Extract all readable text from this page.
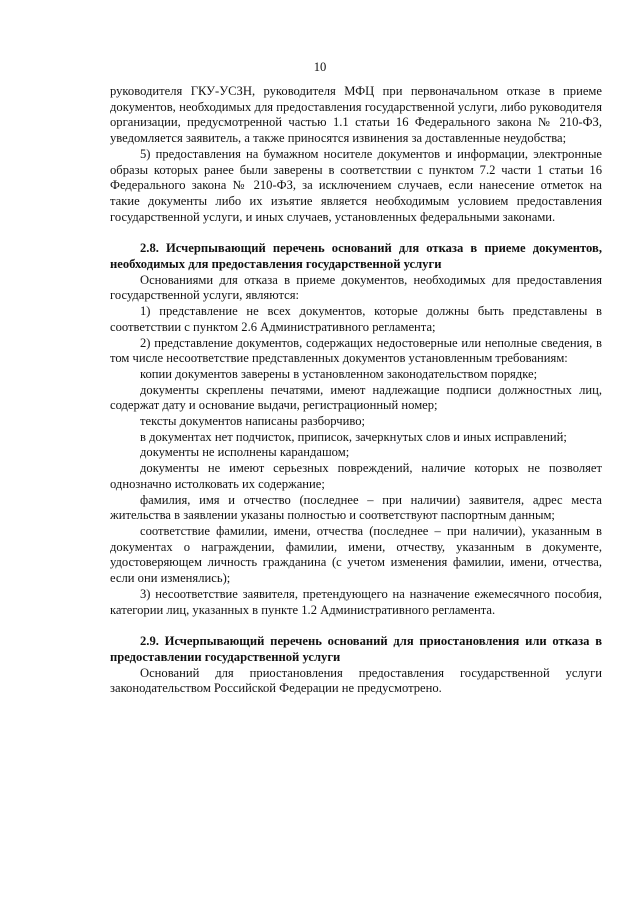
10

руководителя ГКУ-УСЗН, руководителя МФЦ при первоначальном отказе в приеме документов, необходимых для предоставления государственной услуги, либо руководителя организации, предусмотренной частью 1.1 статьи 16 Федерального закона № 210-ФЗ, уведомляется заявитель, а также приносятся извинения за доставленные неудобства;

5) предоставления на бумажном носителе документов и информации, электронные образы которых ранее были заверены в соответствии с пунктом 7.2 части 1 статьи 16 Федерального закона № 210-ФЗ, за исключением случаев, если нанесение отметок на такие документы либо их изъятие является необходимым условием предоставления государственной услуги, и иных случаев, установленных федеральными законами.

2.8. Исчерпывающий перечень оснований для отказа в приеме документов, необходимых для предоставления государственной услуги

Основаниями для отказа в приеме документов, необходимых для предоставления государственной услуги, являются:

1) представление не всех документов, которые должны быть представлены в соответствии с пунктом 2.6 Административного регламента;

2) представление документов, содержащих недостоверные или неполные сведения, в том числе несоответствие представленных документов установленным требованиям:

копии документов заверены в установленном законодательством порядке;

документы скреплены печатями, имеют надлежащие подписи должностных лиц, содержат дату и основание выдачи, регистрационный номер;

тексты документов написаны разборчиво;

в документах нет подчисток, приписок, зачеркнутых слов и иных исправлений;

документы не исполнены карандашом;

документы не имеют серьезных повреждений, наличие которых не позволяет однозначно истолковать их содержание;

фамилия, имя и отчество (последнее – при наличии) заявителя, адрес места жительства в заявлении указаны полностью и соответствуют паспортным данным;

соответствие фамилии, имени, отчества (последнее – при наличии), указанным в документах о награждении, фамилии, имени, отчеству, указанным в документе, удостоверяющем личность гражданина (с учетом изменения фамилии, имени, отчества, если они изменялись);

3) несоответствие заявителя, претендующего на назначение ежемесячного пособия, категории лиц, указанных в пункте 1.2 Административного регламента.

2.9. Исчерпывающий перечень оснований для приостановления или отказа в предоставлении государственной услуги

Оснований для приостановления предоставления государственной услуги законодательством Российской Федерации не предусмотрено.
